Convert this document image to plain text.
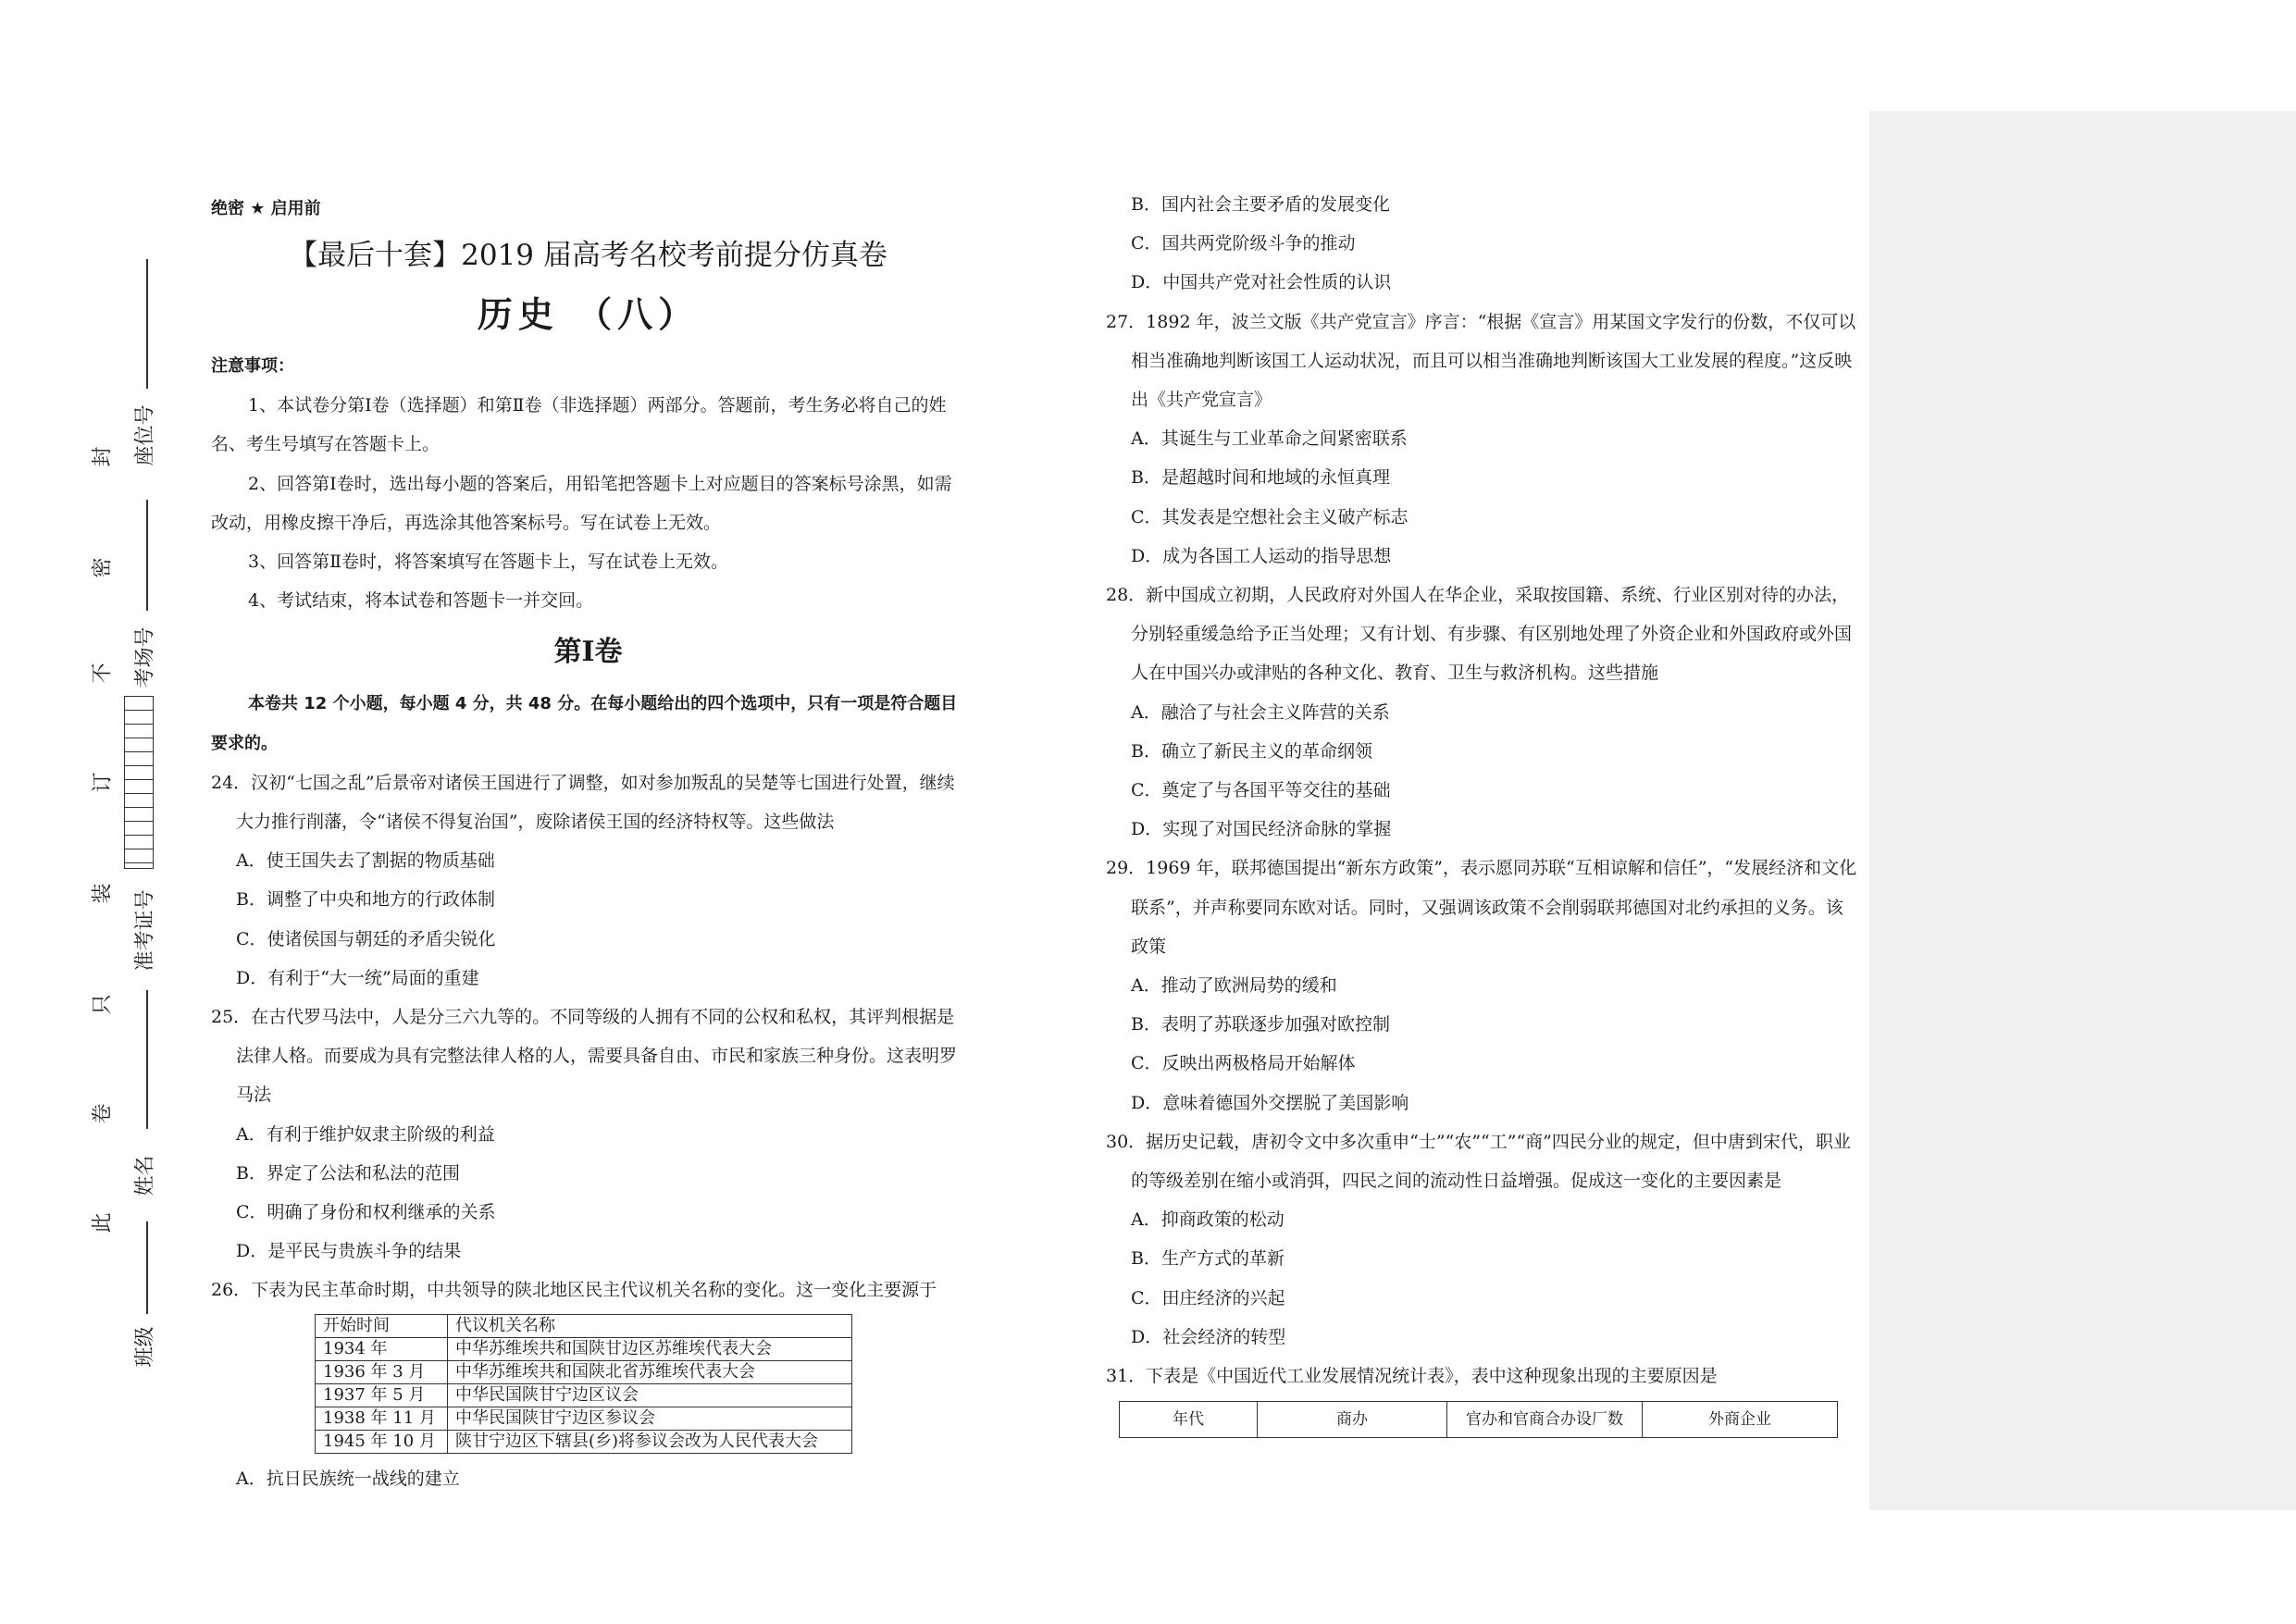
封
密
不
订
装
只
卷
此
座位号
考场号
准考证号
姓名
班级
绝密 ★ 启用前
【最后十套】2019 届高考名校考前提分仿真卷
历史 （八）
注意事项：
1、本试卷分第Ⅰ卷（选择题）和第Ⅱ卷（非选择题）两部分。答题前，考生务必将自己的姓名、考生号填写在答题卡上。
2、回答第Ⅰ卷时，选出每小题的答案后，用铅笔把答题卡上对应题目的答案标号涂黑，如需改动，用橡皮擦干净后，再选涂其他答案标号。写在试卷上无效。
3、回答第Ⅱ卷时，将答案填写在答题卡上，写在试卷上无效。
4、考试结束，将本试卷和答题卡一并交回。
第Ⅰ卷
本卷共 12 个小题，每小题 4 分，共 48 分。在每小题给出的四个选项中，只有一项是符合题目要求的。
24．汉初“七国之乱”后景帝对诸侯王国进行了调整，如对参加叛乱的吴楚等七国进行处置，继续大力推行削藩，令“诸侯不得复治国”，废除诸侯王国的经济特权等。这些做法
A．使王国失去了割据的物质基础
B．调整了中央和地方的行政体制
C．使诸侯国与朝廷的矛盾尖锐化
D．有利于“大一统”局面的重建
25．在古代罗马法中，人是分三六九等的。不同等级的人拥有不同的公权和私权，其评判根据是法律人格。而要成为具有完整法律人格的人，需要具备自由、市民和家族三种身份。这表明罗马法
A．有利于维护奴隶主阶级的利益
B．界定了公法和私法的范围
C．明确了身份和权利继承的关系
D．是平民与贵族斗争的结果
26．下表为民主革命时期，中共领导的陕北地区民主代议机关名称的变化。这一变化主要源于
开始时间	代议机关名称
1934 年	中华苏维埃共和国陕甘边区苏维埃代表大会
1936 年 3 月	中华苏维埃共和国陕北省苏维埃代表大会
1937 年 5 月	中华民国陕甘宁边区议会
1938 年 11 月	中华民国陕甘宁边区参议会
1945 年 10 月	陕甘宁边区下辖县(乡)将参议会改为人民代表大会
A．抗日民族统一战线的建立
B．国内社会主要矛盾的发展变化
C．国共两党阶级斗争的推动
D．中国共产党对社会性质的认识
27．1892 年，波兰文版《共产党宣言》序言：“根据《宣言》用某国文字发行的份数，不仅可以相当准确地判断该国工人运动状况，而且可以相当准确地判断该国大工业发展的程度。”这反映出《共产党宣言》
A．其诞生与工业革命之间紧密联系
B．是超越时间和地域的永恒真理
C．其发表是空想社会主义破产标志
D．成为各国工人运动的指导思想
28．新中国成立初期，人民政府对外国人在华企业，采取按国籍、系统、行业区别对待的办法，分别轻重缓急给予正当处理；又有计划、有步骤、有区别地处理了外资企业和外国政府或外国人在中国兴办或津贴的各种文化、教育、卫生与救济机构。这些措施
A．融洽了与社会主义阵营的关系
B．确立了新民主义的革命纲领
C．奠定了与各国平等交往的基础
D．实现了对国民经济命脉的掌握
29．1969 年，联邦德国提出“新东方政策”，表示愿同苏联“互相谅解和信任”，“发展经济和文化联系”，并声称要同东欧对话。同时，又强调该政策不会削弱联邦德国对北约承担的义务。该政策
A．推动了欧洲局势的缓和
B．表明了苏联逐步加强对欧控制
C．反映出两极格局开始解体
D．意味着德国外交摆脱了美国影响
30．据历史记载，唐初令文中多次重申“士”“农”“工”“商”四民分业的规定，但中唐到宋代，职业的等级差别在缩小或消弭，四民之间的流动性日益增强。促成这一变化的主要因素是
A．抑商政策的松动
B．生产方式的革新
C．田庄经济的兴起
D．社会经济的转型
31．下表是《中国近代工业发展情况统计表》，表中这种现象出现的主要原因是
年代	商办	官办和官商合办设厂数	外商企业
